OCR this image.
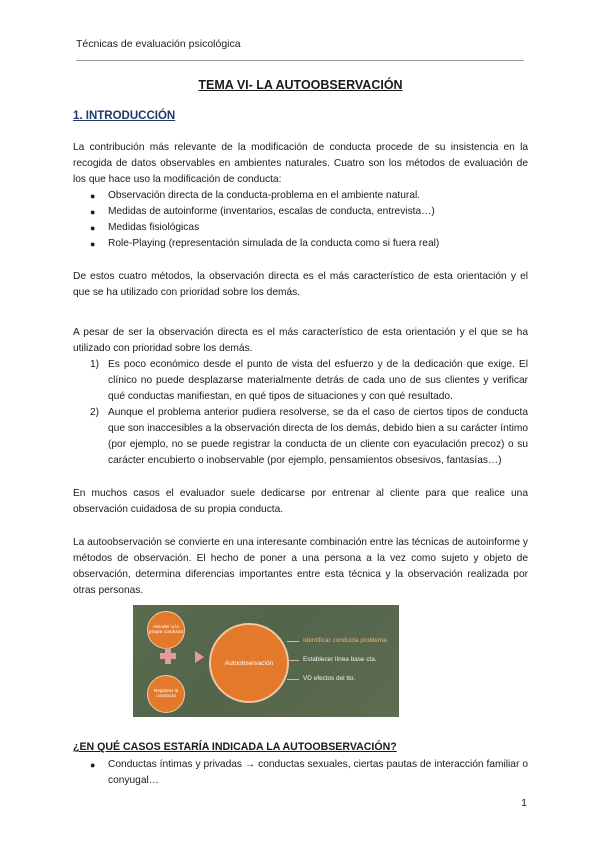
Técnicas de evaluación psicológica
TEMA VI- LA AUTOOBSERVACIÓN
1. INTRODUCCIÓN

La contribución más relevante de la modificación de conducta procede de su insistencia en la recogida de datos observables en ambientes naturales. Cuatro son los métodos de evaluación de los que hace uso la modificación de conducta:

● Observación directa de la conducta-problema en el ambiente natural.
● Medidas de autoinforme (inventarios, escalas de conducta, entrevista…)
● Medidas fisiológicas
● Role-Playing (representación simulada de la conducta como si fuera real)

De estos cuatro métodos, la observación directa es el más característico de esta orientación y el que se ha utilizado con prioridad sobre los demás.

A pesar de ser la observación directa es el más característico de esta orientación y el que se ha utilizado con prioridad sobre los demás.

1) Es poco económico desde el punto de vista del esfuerzo y de la dedicación que exige. El clínico no puede desplazarse materialmente detrás de cada uno de sus clientes y verificar qué conductas manifiestan, en qué tipos de situaciones y con qué resultado.
2) Aunque el problema anterior pudiera resolverse, se da el caso de ciertos tipos de conducta que son inaccesibles a la observación directa de los demás, debido bien a su carácter íntimo (por ejemplo, no se puede registrar la conducta de un cliente con eyaculación precoz) o su carácter encubierto o inobservable (por ejemplo, pensamientos obsesivos, fantasías…)

En muchos casos el evaluador suele dedicarse por entrenar al cliente para que realice una observación cuidadosa de su propia conducta.

La autoobservación se convierte en una interesante combinación entre las técnicas de autoinforme y métodos de observación. El hecho de poner a una persona a la vez como sujeto y objeto de observación, determina diferencias importantes entre esta técnica y la observación realizada por otras personas.

Atender a la propia conducta
Registrar la conducta
Autoobservación
Identificar conducta problema
Establecer línea base cta.
VD efectos del tto.
¿EN QUÉ CASOS ESTARÍA INDICADA LA AUTOOBSERVACIÓN?
● Conductas íntimas y privadas → conductas sexuales, ciertas pautas de interacción familiar o conyugal…
1
